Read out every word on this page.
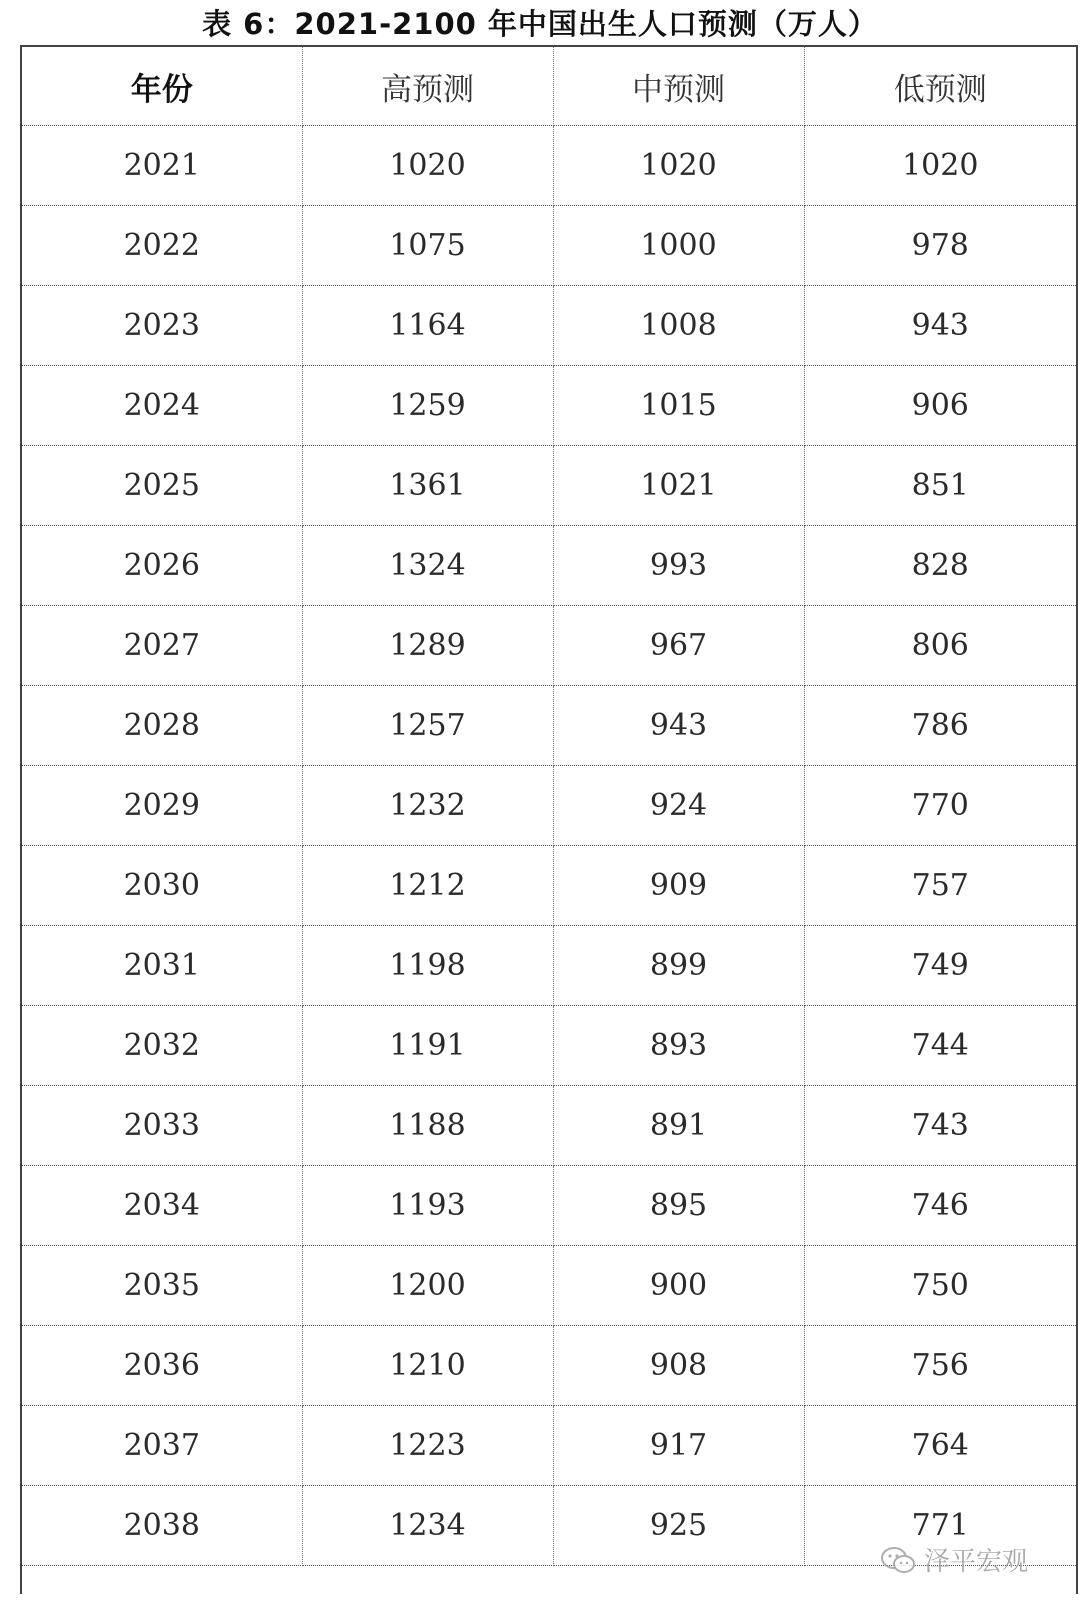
表 6：2021-2100 年中国出生人口预测（万人）
年份	高预测	中预测	低预测
2021	1020	1020	1020
2022	1075	1000	978
2023	1164	1008	943
2024	1259	1015	906
2025	1361	1021	851
2026	1324	993	828
2027	1289	967	806
2028	1257	943	786
2029	1232	924	770
2030	1212	909	757
2031	1198	899	749
2032	1191	893	744
2033	1188	891	743
2034	1193	895	746
2035	1200	900	750
2036	1210	908	756
2037	1223	917	764
2038	1234	925	771
泽平宏观
